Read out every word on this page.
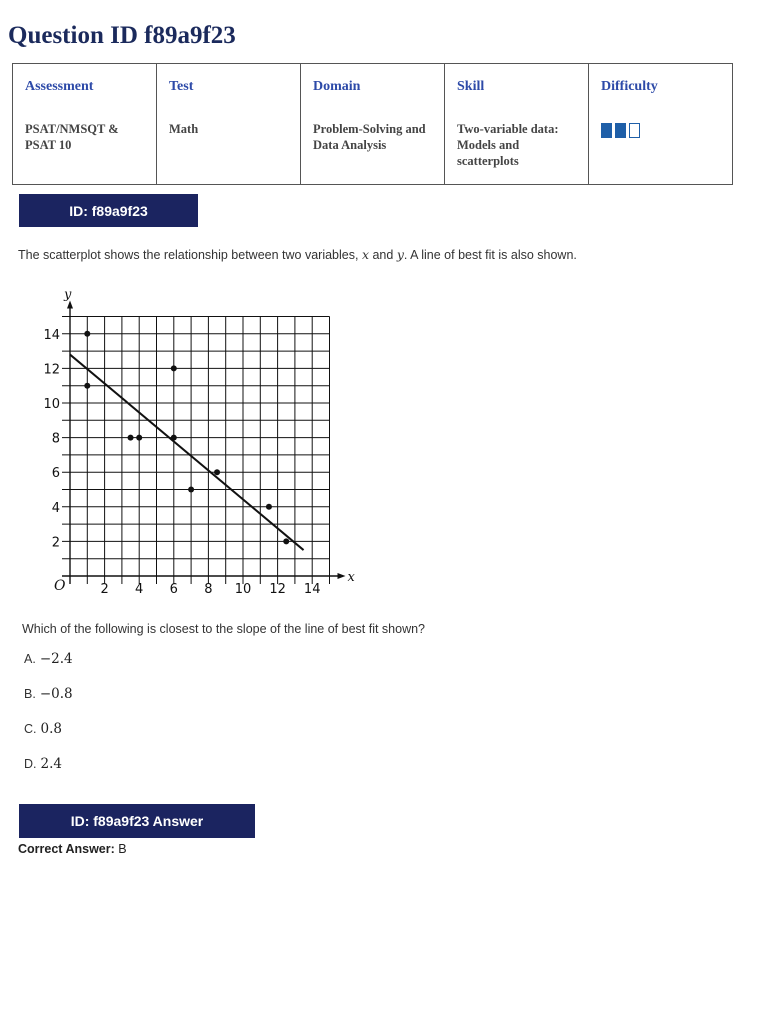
Question ID f89a9f23
Assessment
PSAT/NMSQT & PSAT 10

Test
Math

Domain
Problem-Solving and Data Analysis

Skill
Two-variable data: Models and scatterplots

Difficulty
ID: f89a9f23
The scatterplot shows the relationship between two variables, x and y. A line of best fit is also shown.
x
y
O	2 4 6 8 10 12 14
2
4
6
8
10
12
14
Which of the following is closest to the slope of the line of best fit shown?
A. −2.4
B. −0.8
C. 0.8
D. 2.4
ID: f89a9f23 Answer
Correct Answer: B
